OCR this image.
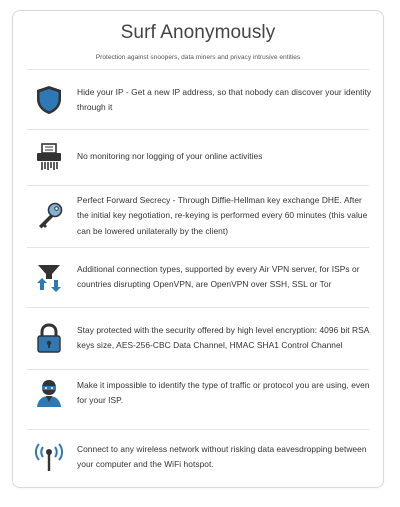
Surf Anonymously

Protection against snoopers, data miners and privacy intrusive entities

Hide your IP - Get a new IP address, so that nobody can discover your identity through it
No monitoring nor logging of your online activities
Perfect Forward Secrecy - Through Diffie-Hellman key exchange DHE. After the initial key negotiation, re-keying is performed every 60 minutes (this value can be lowered unilaterally by the client)
Additional connection types, supported by every Air VPN server, for ISPs or countries disrupting OpenVPN, are OpenVPN over SSH, SSL or Tor
Stay protected with the security offered by high level encryption: 4096 bit RSA keys size, AES-256-CBC Data Channel, HMAC SHA1 Control Channel
Make it impossible to identify the type of traffic or protocol you are using, even for your ISP.
Connect to any wireless network without risking data eavesdropping between your computer and the WiFi hotspot.
